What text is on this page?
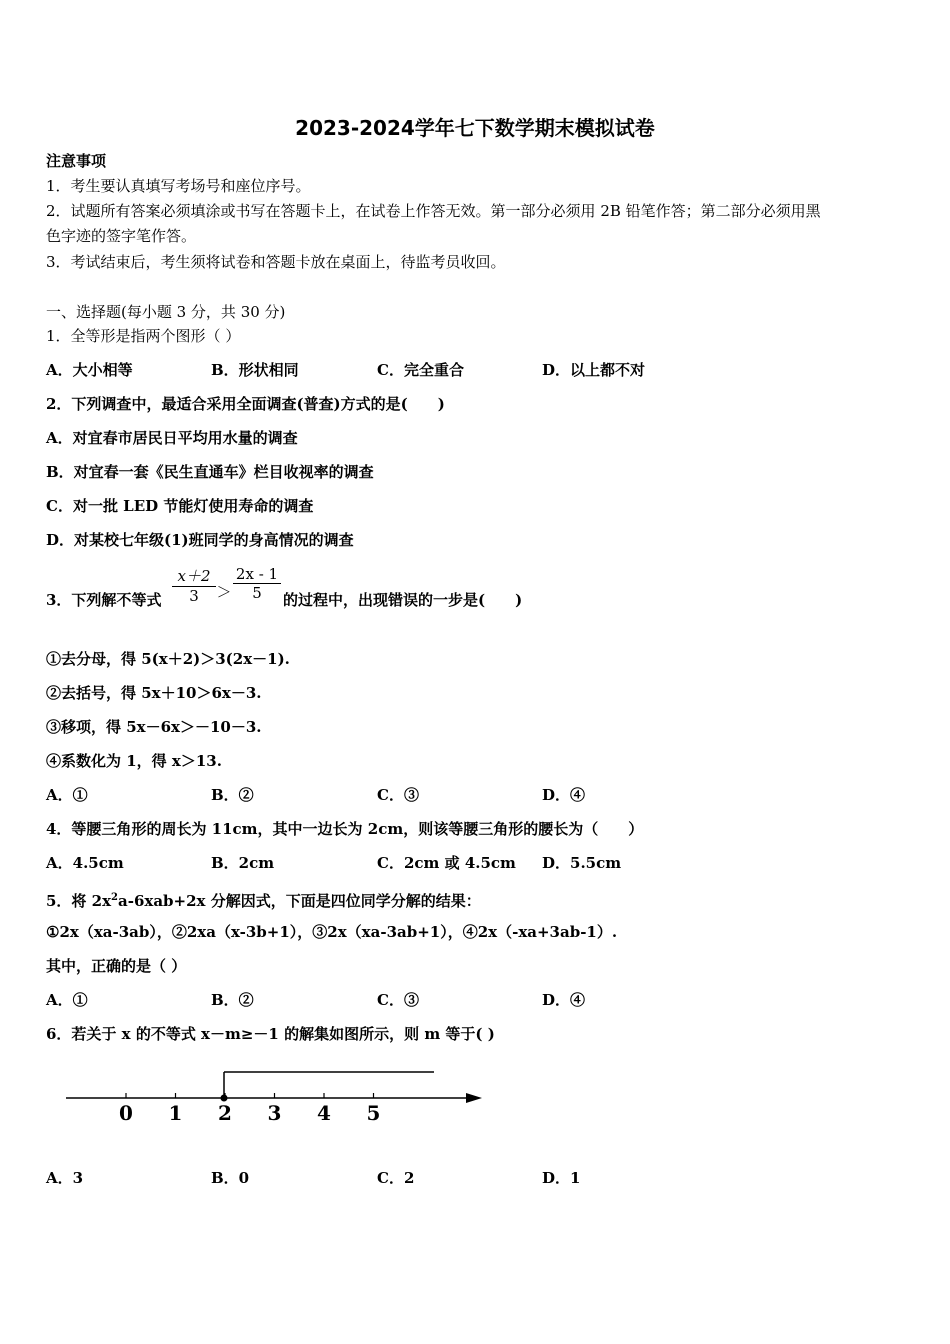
2023-2024学年七下数学期末模拟试卷
注意事项
1．考生要认真填写考场号和座位序号。
2．试题所有答案必须填涂或书写在答题卡上，在试卷上作答无效。第一部分必须用 2B 铅笔作答；第二部分必须用黑
色字迹的签字笔作答。
3．考试结束后，考生须将试卷和答题卡放在桌面上，待监考员收回。
一、选择题(每小题 3 分，共 30 分)
1．全等形是指两个图形（ ）
A．大小相等	B．形状相同	C．完全重合	D．以上都不对
2．下列调查中，最适合采用全面调查(普查)方式的是(　　)
A．对宜春市居民日平均用水量的调查
B．对宜春一套《民生直通车》栏目收视率的调查
C．对一批 LED 节能灯使用寿命的调查
D．对某校七年级(1)班同学的身高情况的调查
3．下列解不等式 $\frac{x+2}{3} > \frac{2x - 1}{5}$ 的过程中，出现错误的一步是(　　)
①去分母，得 5(x＋2)＞3(2x－1).
②去括号，得 5x＋10＞6x－3.
③移项，得 5x－6x＞－10－3.
④系数化为 1，得 x＞13.
A．①	B．②	C．③	D．④
4．等腰三角形的周长为 11cm，其中一边长为 2cm，则该等腰三角形的腰长为（　　）
A．4.5cm	B．2cm	C．2cm 或 4.5cm D．5.5cm
5．将 $2x^2a-6xab+2x$ 分解因式，下面是四位同学分解的结果：
①2x（xa-3ab），②2xa（x-3b+1），③2x（xa-3ab+1），④2x（-xa+3ab-1）.
其中，正确的是（ ）
A．①	B．②	C．③	D．④
6．若关于 x 的不等式 x－m≥－1 的解集如图所示，则 m 等于( )
0 1 2 3 4 5
A．3	B．0	C．2	D．1
